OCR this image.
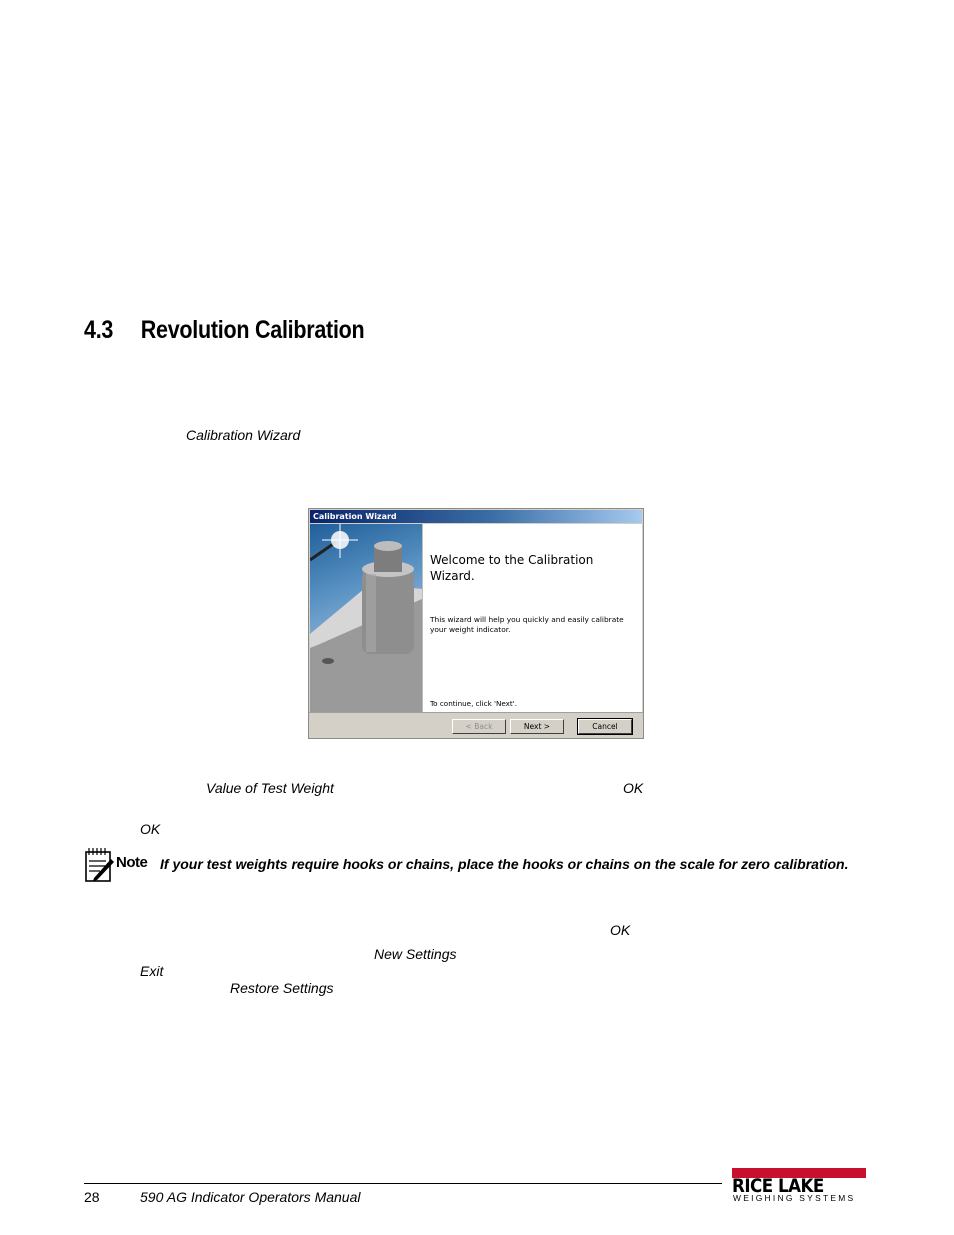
4.3 Revolution Calibration
Calibration Wizard
Calibration Wizard
Welcome to the Calibration Wizard.
This wizard will help you quickly and easily calibrate your weight indicator.
To continue, click 'Next'.
< Back	Next >	Cancel
Value of Test Weight	OK
OK
Note If your test weights require hooks or chains, place the hooks or chains on the scale for zero calibration.
OK
New Settings
Exit
Restore Settings
28	590 AG Indicator Operators Manual	RICE LAKE
WEIGHING SYSTEMS
